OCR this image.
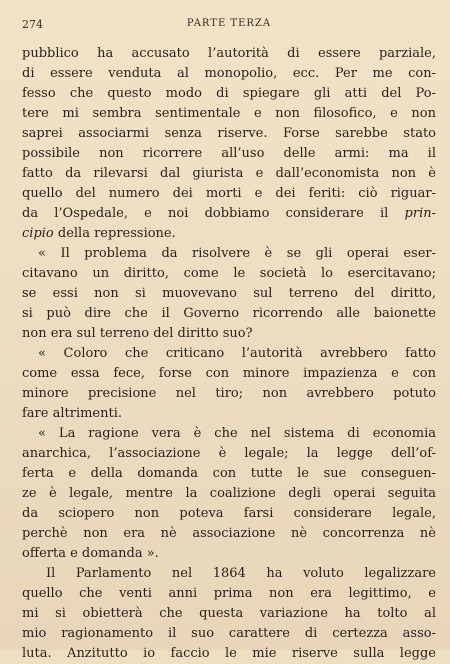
274	PARTE TERZA
pubblico ha accusato l’autorità di essere parziale,
di essere venduta al monopolio, ecc. Per me con-
fesso che questo modo di spiegare gli atti del Po-
tere mi sembra sentimentale e non filosofico, e non
saprei associarmi senza riserve. Forse sarebbe stato
possibile non ricorrere all’uso delle armi: ma il
fatto da rilevarsi dal giurista e dall’economista non è
quello del numero dei morti e dei feriti: ciò riguar-
da l’Ospedale, e noi dobbiamo considerare il prin-
cipio della repressione.
« Il problema da risolvere è se gli operai eser-
citavano un diritto, come le società lo esercitavano;
se essi non si muovevano sul terreno del diritto,
si può dire che il Governo ricorrendo alle baionette
non era sul terreno del diritto suo?
« Coloro che criticano l’autorità avrebbero fatto
come essa fece, forse con minore impazienza e con
minore precisione nel tiro; non avrebbero potuto
fare altrimenti.
« La ragione vera è che nel sistema di economia
anarchica, l’associazione è legale; la legge dell’of-
ferta e della domanda con tutte le sue conseguen-
ze è legale, mentre la coalizione degli operai seguita
da sciopero non poteva farsi considerare legale,
perchè non era nè associazione nè concorrenza nè
offerta e domanda ».
Il Parlamento nel 1864 ha voluto legalizzare
quello che venti anni prima non era legittimo, e
mi si obietterà che questa variazione ha tolto al
mio ragionamento il suo carattere di certezza asso-
luta. Anzitutto io faccio le mie riserve sulla legge
